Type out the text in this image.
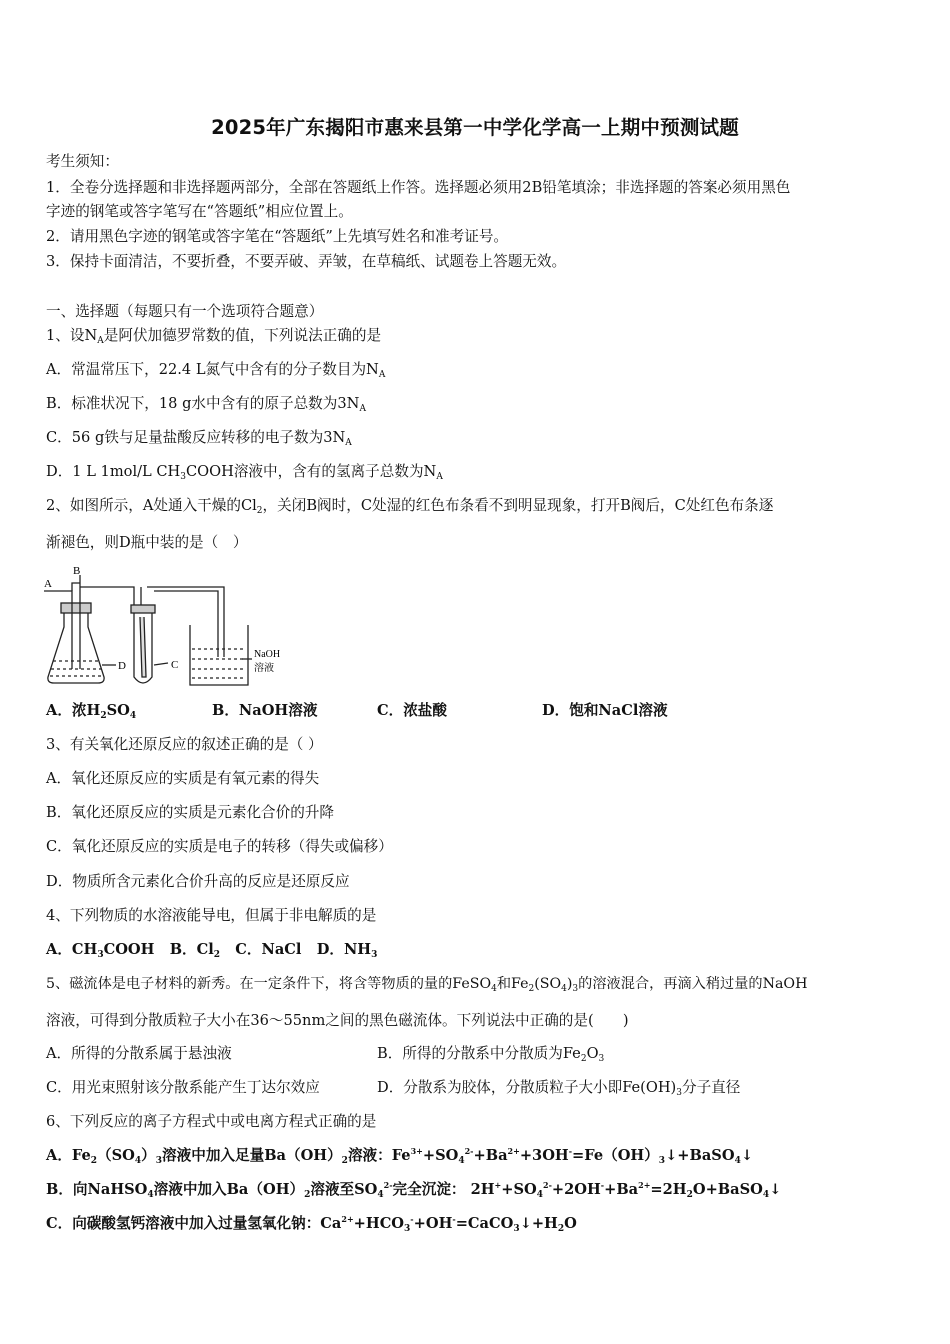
2025年广东揭阳市惠来县第一中学化学高一上期中预测试题
考生须知：
1．全卷分选择题和非选择题两部分，全部在答题纸上作答。选择题必须用2B铅笔填涂；非选择题的答案必须用黑色
字迹的钢笔或答字笔写在“答题纸”相应位置上。
2．请用黑色字迹的钢笔或答字笔在“答题纸”上先填写姓名和准考证号。
3．保持卡面清洁，不要折叠，不要弄破、弄皱，在草稿纸、试题卷上答题无效。
一、选择题（每题只有一个选项符合题意）
1、设$N_A$是阿伏加德罗常数的值，下列说法正确的是
A．常温常压下，22.4 L氮气中含有的分子数目为$N_A$
B．标准状况下，18 g水中含有的原子总数为$3N_A$
C．56 g铁与足量盐酸反应转移的电子数为$3N_A$
D．1 L 1mol/L $CH_3COOH$溶液中，含有的氢离子总数为$N_A$
2、如图所示，A处通入干燥的$Cl_2$，关闭B阀时，C处湿的红色布条看不到明显现象，打开B阀后，C处红色布条逐
渐褪色，则D瓶中装的是（　）
A
B
D	C
NaOH
溶液
A．浓$H_2SO_4$	B．NaOH溶液	C．浓盐酸	D．饱和NaCl溶液
3、有关氧化还原反应的叙述正确的是（ ）
A．氧化还原反应的实质是有氧元素的得失
B．氧化还原反应的实质是元素化合价的升降
C．氧化还原反应的实质是电子的转移（得失或偏移）
D．物质所含元素化合价升高的反应是还原反应
4、下列物质的水溶液能导电，但属于非电解质的是
A．$CH_3COOH$ B．$Cl_2$ C．NaCl D．$NH_3$
5、磁流体是电子材料的新秀。在一定条件下，将含等物质的量的FeSO$_4$和$Fe_2(SO_4)_3$的溶液混合，再滴入稍过量的NaOH
溶液，可得到分散质粒子大小在36～55nm之间的黑色磁流体。下列说法中正确的是(　　)
A．所得的分散系属于悬浊液	B．所得的分散系中分散质为$Fe_2O_3$
C．用光束照射该分散系能产生丁达尔效应	D．分散系为胶体，分散质粒子大小即$Fe(OH)_3$分子直径
6、下列反应的离子方程式中或电离方程式正确的是
A．$Fe_2(SO_4)_3$溶液中加入足量$Ba(OH)_2$溶液：$Fe^{3+}+SO_4^{2-}+Ba^{2+}+3OH^-=Fe(OH)_3↓+BaSO_4↓$
B．向NaHSO$_4$溶液中加入$Ba(OH)_2$溶液至$SO_4^{2-}$完全沉淀： $2H^++SO_4^{2-}+2OH^-+Ba^{2+}=2H_2O+BaSO_4↓$
C．向碳酸氢钙溶液中加入过量氢氧化钠：$Ca^{2+}+HCO_3^-+OH^-=CaCO_3↓+H_2O$
